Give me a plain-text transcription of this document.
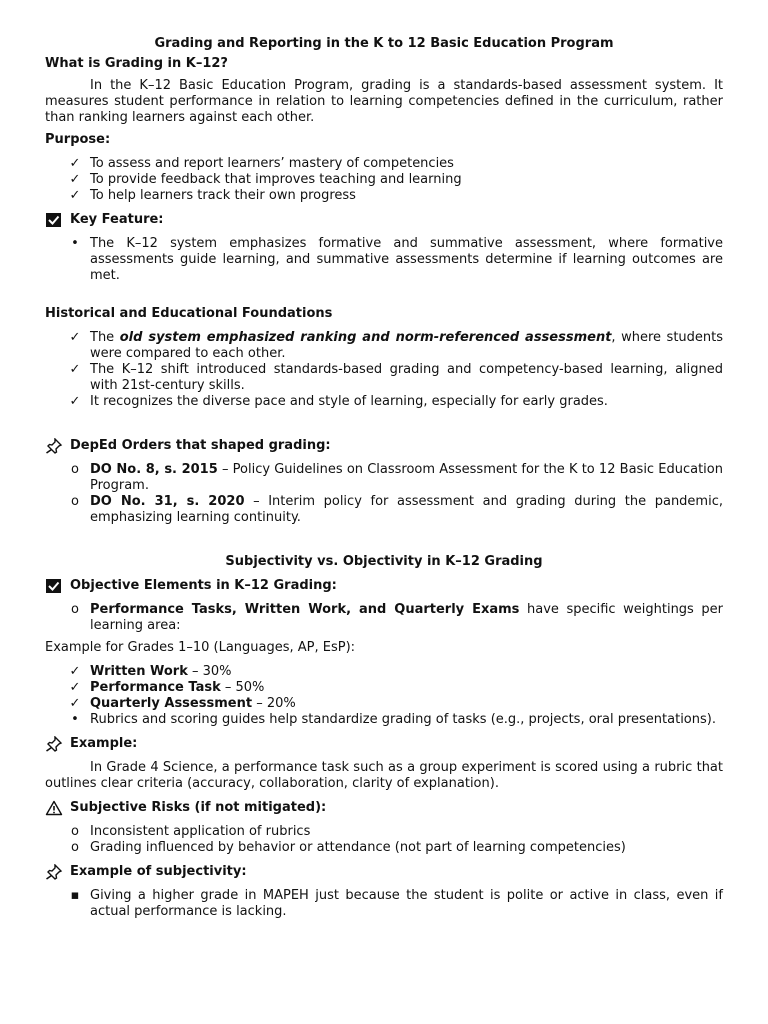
Grading and Reporting in the K to 12 Basic Education Program

What is Grading in K–12?

In the K–12 Basic Education Program, grading is a standards-based assessment system. It measures student performance in relation to learning competencies defined in the curriculum, rather than ranking learners against each other.

Purpose:

✓ To assess and report learners’ mastery of competencies
✓ To provide feedback that improves teaching and learning
✓ To help learners track their own progress

Key Feature:

• The K–12 system emphasizes formative and summative assessment, where formative assessments guide learning, and summative assessments determine if learning outcomes are met.

Historical and Educational Foundations

✓ The old system emphasized ranking and norm-referenced assessment, where students were compared to each other.
✓ The K–12 shift introduced standards-based grading and competency-based learning, aligned with 21st-century skills.
✓ It recognizes the diverse pace and style of learning, especially for early grades.

DepEd Orders that shaped grading:

o DO No. 8, s. 2015 – Policy Guidelines on Classroom Assessment for the K to 12 Basic Education Program.
o DO No. 31, s. 2020 – Interim policy for assessment and grading during the pandemic, emphasizing learning continuity.

Subjectivity vs. Objectivity in K–12 Grading

Objective Elements in K–12 Grading:

o Performance Tasks, Written Work, and Quarterly Exams have specific weightings per learning area:

Example for Grades 1–10 (Languages, AP, EsP):

✓ Written Work – 30%
✓ Performance Task – 50%
✓ Quarterly Assessment – 20%
• Rubrics and scoring guides help standardize grading of tasks (e.g., projects, oral presentations).

Example:

In Grade 4 Science, a performance task such as a group experiment is scored using a rubric that outlines clear criteria (accuracy, collaboration, clarity of explanation).

Subjective Risks (if not mitigated):

o Inconsistent application of rubrics
o Grading influenced by behavior or attendance (not part of learning competencies)

Example of subjectivity:

▪ Giving a higher grade in MAPEH just because the student is polite or active in class, even if actual performance is lacking.
